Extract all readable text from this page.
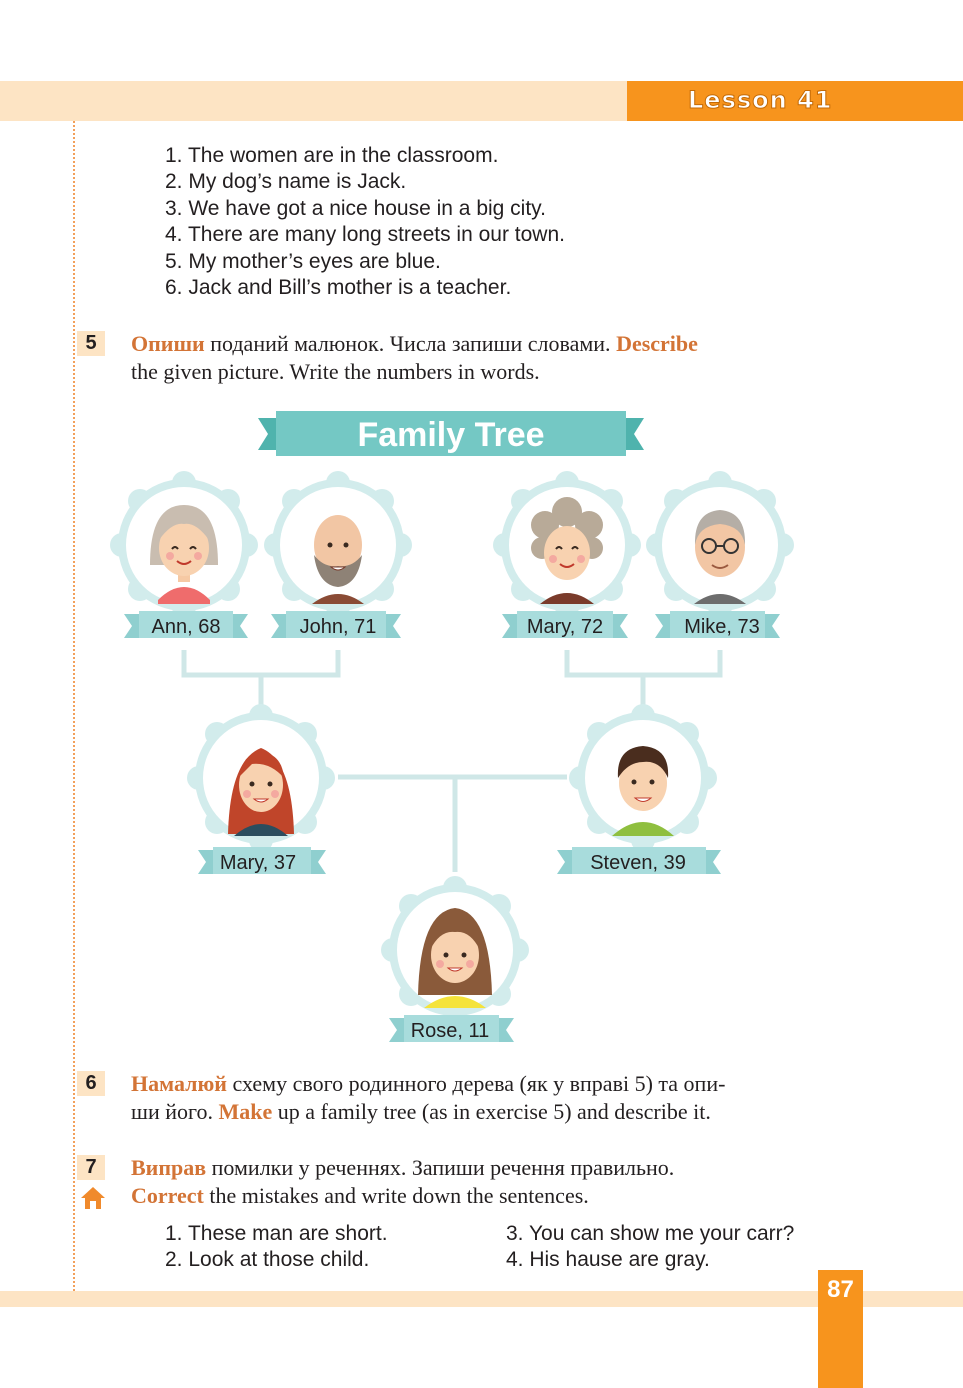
Lesson 41
1. The women are in the classroom.
2. My dog’s name is Jack.
3. We have got a nice house in a big city.
4. There are many long streets in our town.
5. My mother’s eyes are blue.
6. Jack and Bill’s mother is a teacher.
5	Опиши поданий малюнок. Числа запиши словами. Describe
the given picture. Write the numbers in words.
Family Tree
Ann, 68	John, 71	Mary, 72	Mike, 73
Mary, 37	Steven, 39
Rose, 11
6	Намалюй схему свого родинного дерева (як у вправі 5) та опи-
ши його. Make up a family tree (as in exercise 5) and describe it.
7	Виправ помилки у реченнях. Запиши речення правильно.
Correct the mistakes and write down the sentences.
1. These man are short.
2. Look at those child.
3. You can show me your carr?
4. His hause are gray.
87
